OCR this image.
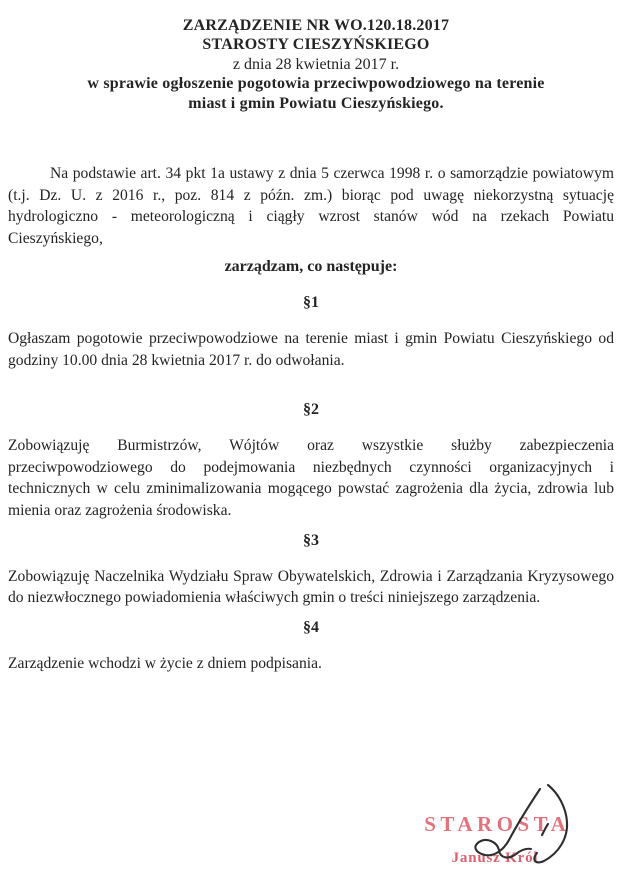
ZARZĄDZENIE NR WO.120.18.2017
STAROSTY CIESZYŃSKIEGO
z dnia 28 kwietnia 2017 r.
w sprawie ogłoszenie pogotowia przeciwpowodziowego na terenie
miast i gmin Powiatu Cieszyńskiego.

Na podstawie art. 34 pkt 1a ustawy z dnia 5 czerwca 1998 r. o samorządzie powiatowym (t.j. Dz. U. z 2016 r., poz. 814 z późn. zm.) biorąc pod uwagę niekorzystną sytuację hydrologiczno - meteorologiczną i ciągły wzrost stanów wód na rzekach Powiatu Cieszyńskiego,

zarządzam, co następuje:
§1

Ogłaszam pogotowie przeciwpowodziowe na terenie miast i gmin Powiatu Cieszyńskiego od godziny 10.00 dnia 28 kwietnia 2017 r. do odwołania.

§2

Zobowiązuję Burmistrzów, Wójtów oraz wszystkie służby zabezpieczenia przeciwpowodziowego do podejmowania niezbędnych czynności organizacyjnych i technicznych w celu zminimalizowania mogącego powstać zagrożenia dla życia, zdrowia lub mienia oraz zagrożenia środowiska.

§3

Zobowiązuję Naczelnika Wydziału Spraw Obywatelskich, Zdrowia i Zarządzania Kryzysowego do niezwłocznego powiadomienia właściwych gmin o treści niniejszego zarządzenia.

§4

Zarządzenie wchodzi w życie z dniem podpisania.

STAROSTA
Janusz Król
